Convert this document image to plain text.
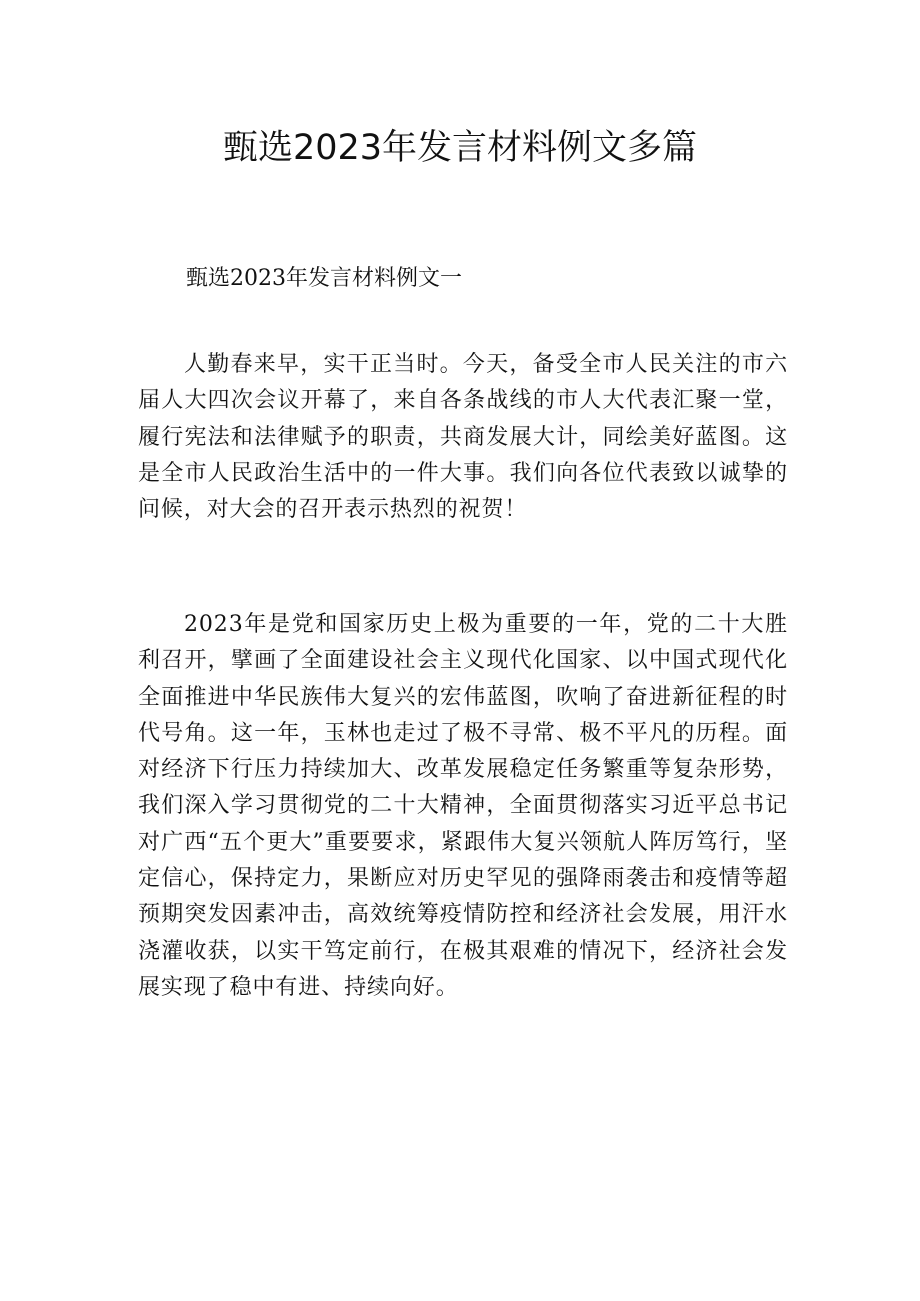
甄选2023年发言材料例文多篇

甄选2023年发言材料例文一

人勤春来早，实干正当时。今天，备受全市人民关注的市六届人大四次会议开幕了，来自各条战线的市人大代表汇聚一堂，履行宪法和法律赋予的职责，共商发展大计，同绘美好蓝图。这是全市人民政治生活中的一件大事。我们向各位代表致以诚挚的问候，对大会的召开表示热烈的祝贺！

2023年是党和国家历史上极为重要的一年，党的二十大胜利召开，擘画了全面建设社会主义现代化国家、以中国式现代化全面推进中华民族伟大复兴的宏伟蓝图，吹响了奋进新征程的时代号角。这一年，玉林也走过了极不寻常、极不平凡的历程。面对经济下行压力持续加大、改革发展稳定任务繁重等复杂形势，我们深入学习贯彻党的二十大精神，全面贯彻落实习近平总书记对广西“五个更大”重要要求，紧跟伟大复兴领航人阵厉笃行，坚定信心，保持定力，果断应对历史罕见的强降雨袭击和疫情等超预期突发因素冲击，高效统筹疫情防控和经济社会发展，用汗水浇灌收获，以实干笃定前行，在极其艰难的情况下，经济社会发展实现了稳中有进、持续向好。
